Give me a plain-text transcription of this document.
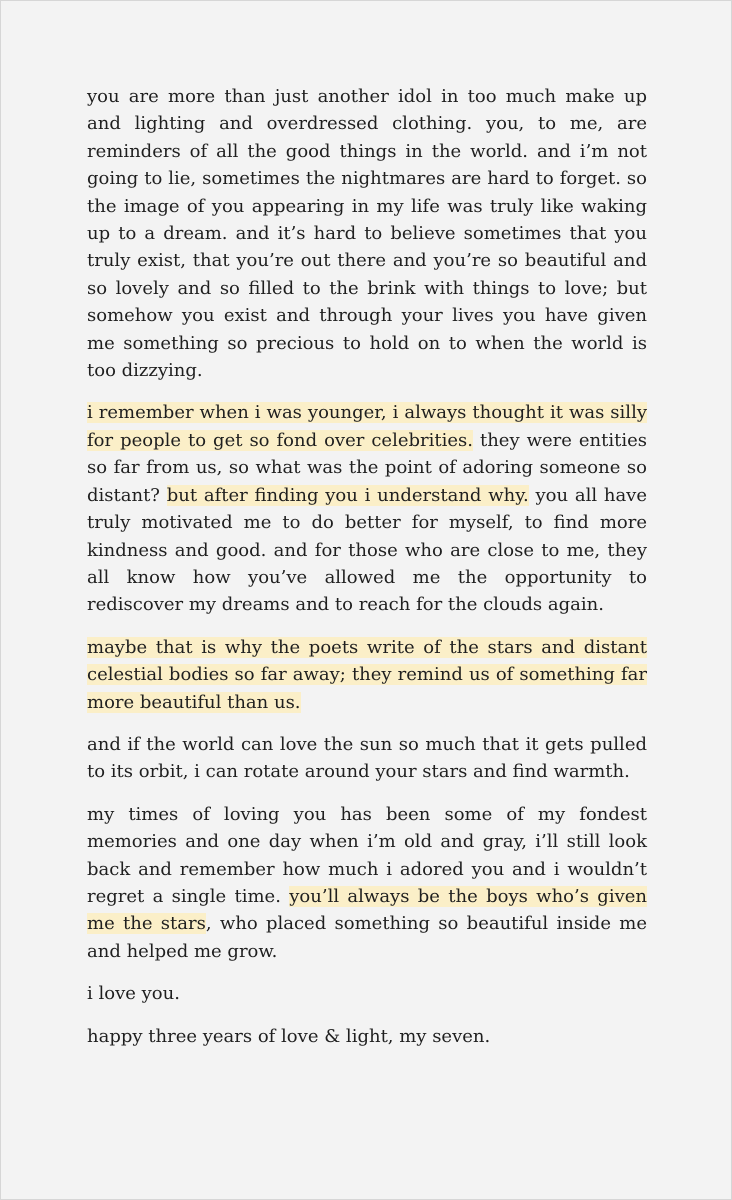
you are more than just another idol in too much make up and lighting and overdressed clothing. you, to me, are reminders of all the good things in the world. and i’m not going to lie, sometimes the nightmares are hard to forget. so the image of you appearing in my life was truly like waking up to a dream. and it’s hard to believe sometimes that you truly exist, that you’re out there and you’re so beautiful and so lovely and so filled to the brink with things to love; but somehow you exist and through your lives you have given me something so precious to hold on to when the world is too dizzying.

i remember when i was younger, i always thought it was silly for people to get so fond over celebrities. they were entities so far from us, so what was the point of adoring someone so distant? but after finding you i understand why. you all have truly motivated me to do better for myself, to find more kindness and good. and for those who are close to me, they all know how you’ve allowed me the opportunity to rediscover my dreams and to reach for the clouds again.

maybe that is why the poets write of the stars and distant celestial bodies so far away; they remind us of something far more beautiful than us.

and if the world can love the sun so much that it gets pulled to its orbit, i can rotate around your stars and find warmth.

my times of loving you has been some of my fondest memories and one day when i’m old and gray, i’ll still look back and remember how much i adored you and i wouldn’t regret a single time. you’ll always be the boys who’s given me the stars, who placed something so beautiful inside me and helped me grow.

i love you.

happy three years of love & light, my seven.
